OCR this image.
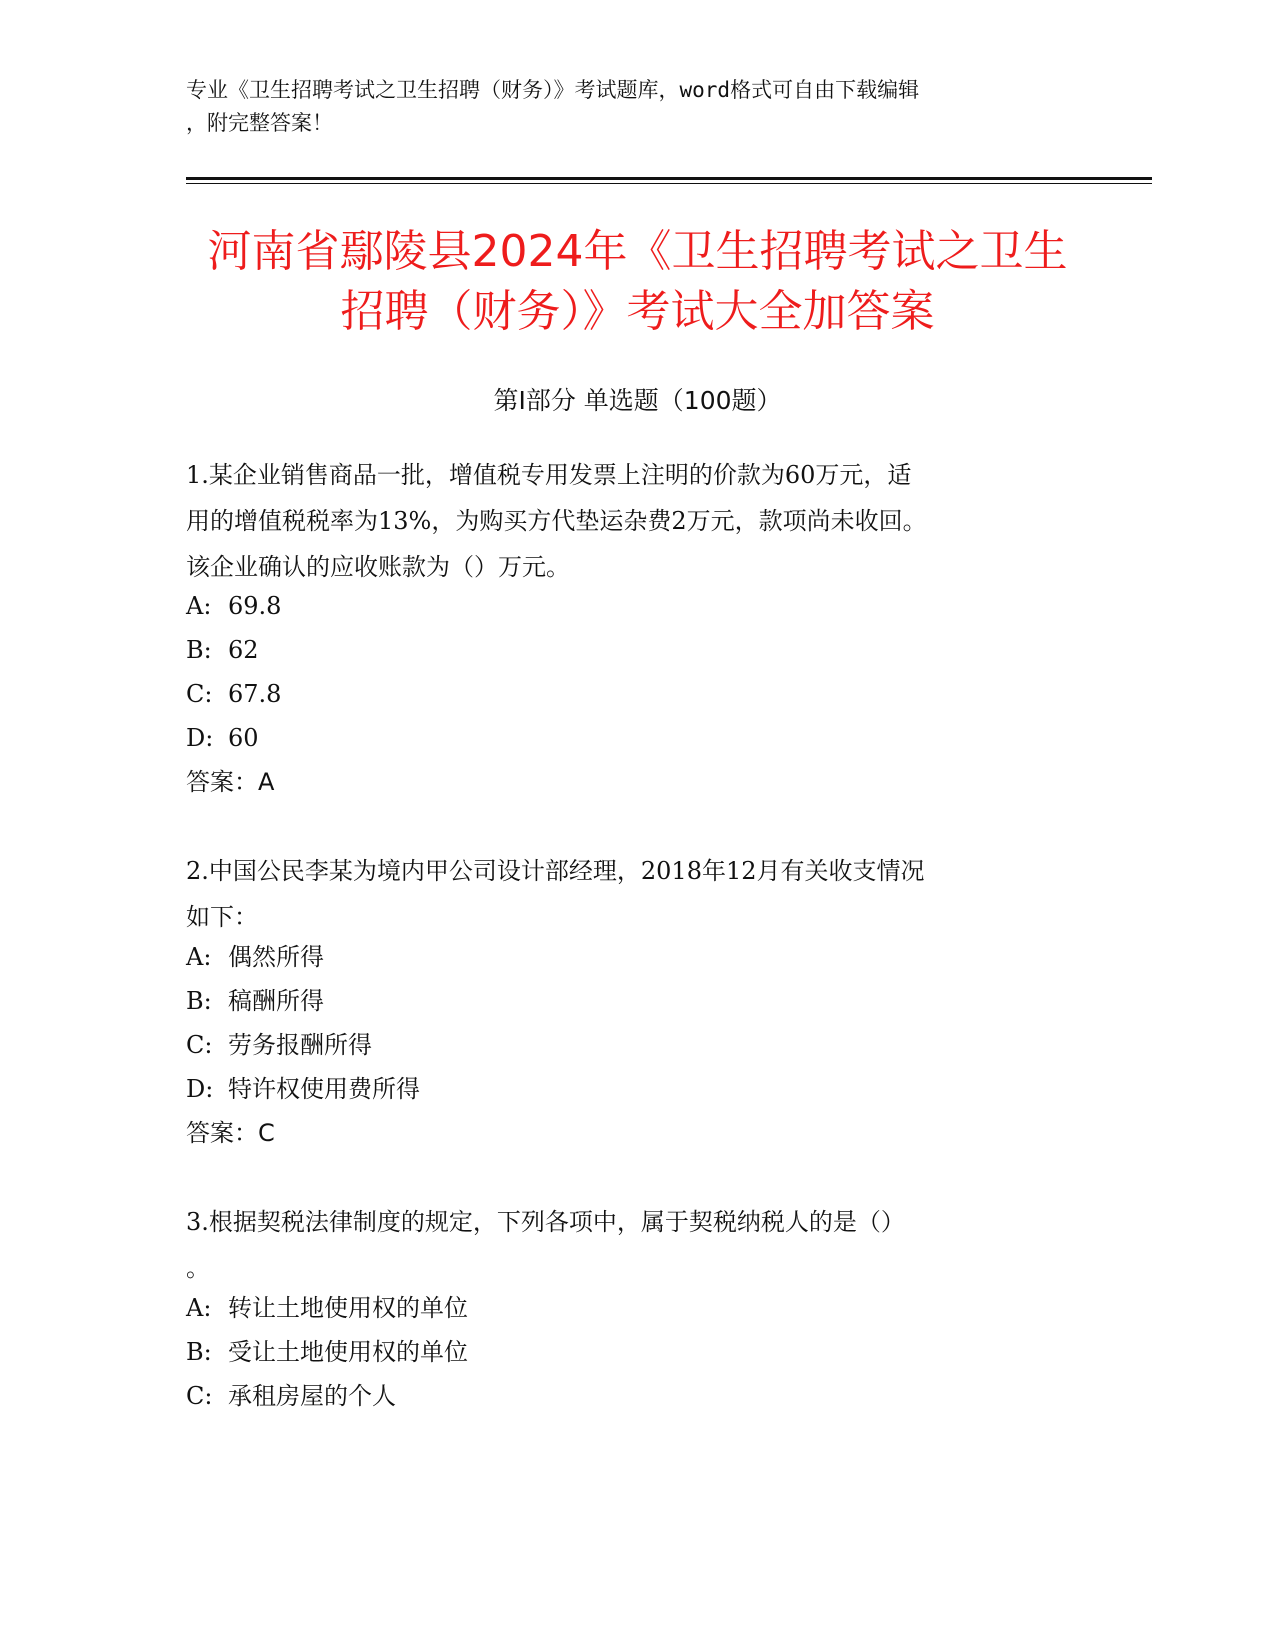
专业《卫生招聘考试之卫生招聘（财务）》考试题库，word格式可自由下载编辑
，附完整答案！
河南省鄢陵县2024年《卫生招聘考试之卫生
招聘（财务）》考试大全加答案
第Ⅰ部分 单选题（100题）
1.某企业销售商品一批，增值税专用发票上注明的价款为60万元，适
用的增值税税率为13%，为购买方代垫运杂费2万元，款项尚未收回。
该企业确认的应收账款为（）万元。
A: 69.8
B: 62
C: 67.8
D: 60
答案：A
2.中国公民李某为境内甲公司设计部经理，2018年12月有关收支情况
如下：
A: 偶然所得
B: 稿酬所得
C: 劳务报酬所得
D: 特许权使用费所得
答案：C
3.根据契税法律制度的规定，下列各项中，属于契税纳税人的是（）
。
A: 转让土地使用权的单位
B: 受让土地使用权的单位
C: 承租房屋的个人
